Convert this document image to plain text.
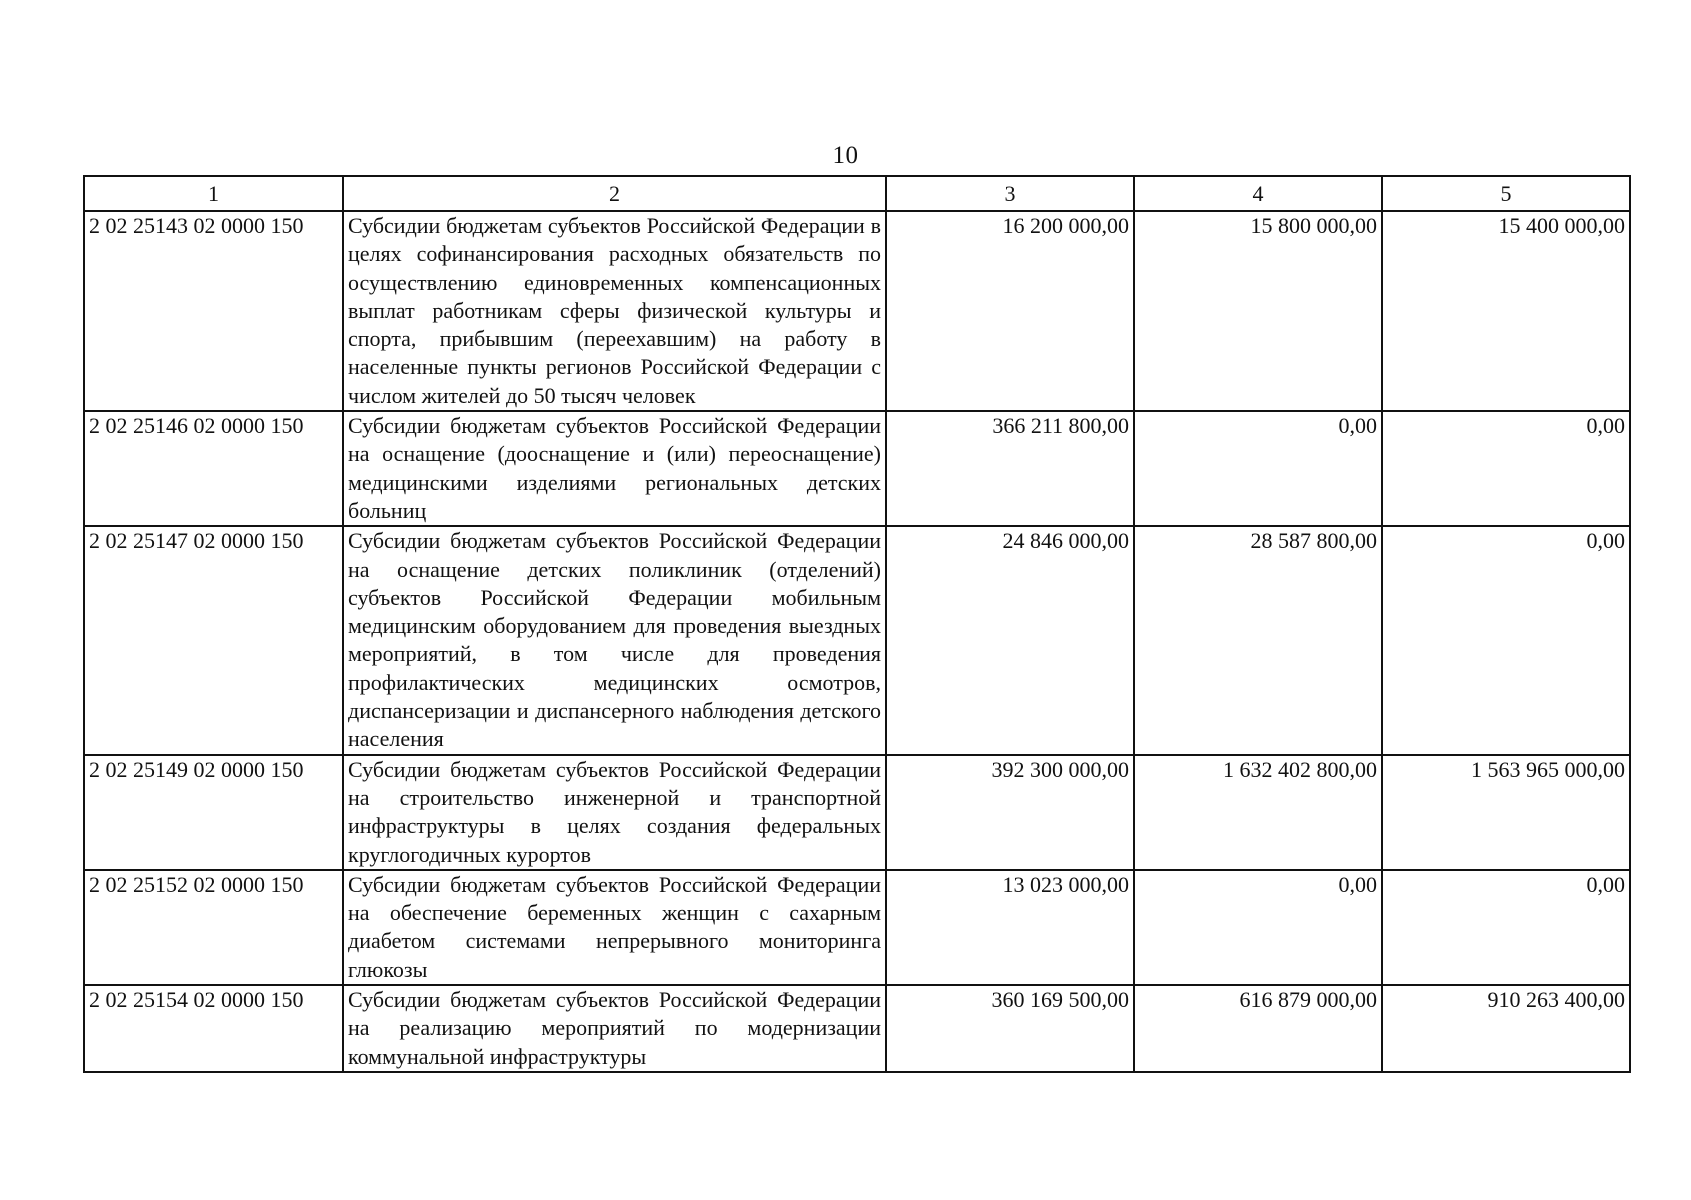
10
1	2	3	4	5
2 02 25143 02 0000 150	Субсидии бюджетам субъектов Российской Федерации в целях софинансирования расходных обязательств по осуществлению единовременных компенсационных выплат работникам сферы физической культуры и спорта, прибывшим (переехавшим) на работу в населенные пункты регионов Российской Федерации с числом жителей до 50 тысяч человек	16 200 000,00	15 800 000,00	15 400 000,00
2 02 25146 02 0000 150	Субсидии бюджетам субъектов Российской Федерации на оснащение (дооснащение и (или) переоснащение) медицинскими изделиями региональных детских больниц	366 211 800,00	0,00	0,00
2 02 25147 02 0000 150	Субсидии бюджетам субъектов Российской Федерации на оснащение детских поликлиник (отделений) субъектов Российской Федерации мобильным медицинским оборудованием для проведения выездных мероприятий, в том числе для проведения профилактических медицинских осмотров, диспансеризации и диспансерного наблюдения детского населения	24 846 000,00	28 587 800,00	0,00
2 02 25149 02 0000 150	Субсидии бюджетам субъектов Российской Федерации на строительство инженерной и транспортной инфраструктуры в целях создания федеральных круглогодичных курортов	392 300 000,00	1 632 402 800,00	1 563 965 000,00
2 02 25152 02 0000 150	Субсидии бюджетам субъектов Российской Федерации на обеспечение беременных женщин с сахарным диабетом системами непрерывного мониторинга глюкозы	13 023 000,00	0,00	0,00
2 02 25154 02 0000 150	Субсидии бюджетам субъектов Российской Федерации на реализацию мероприятий по модернизации коммунальной инфраструктуры	360 169 500,00	616 879 000,00	910 263 400,00
